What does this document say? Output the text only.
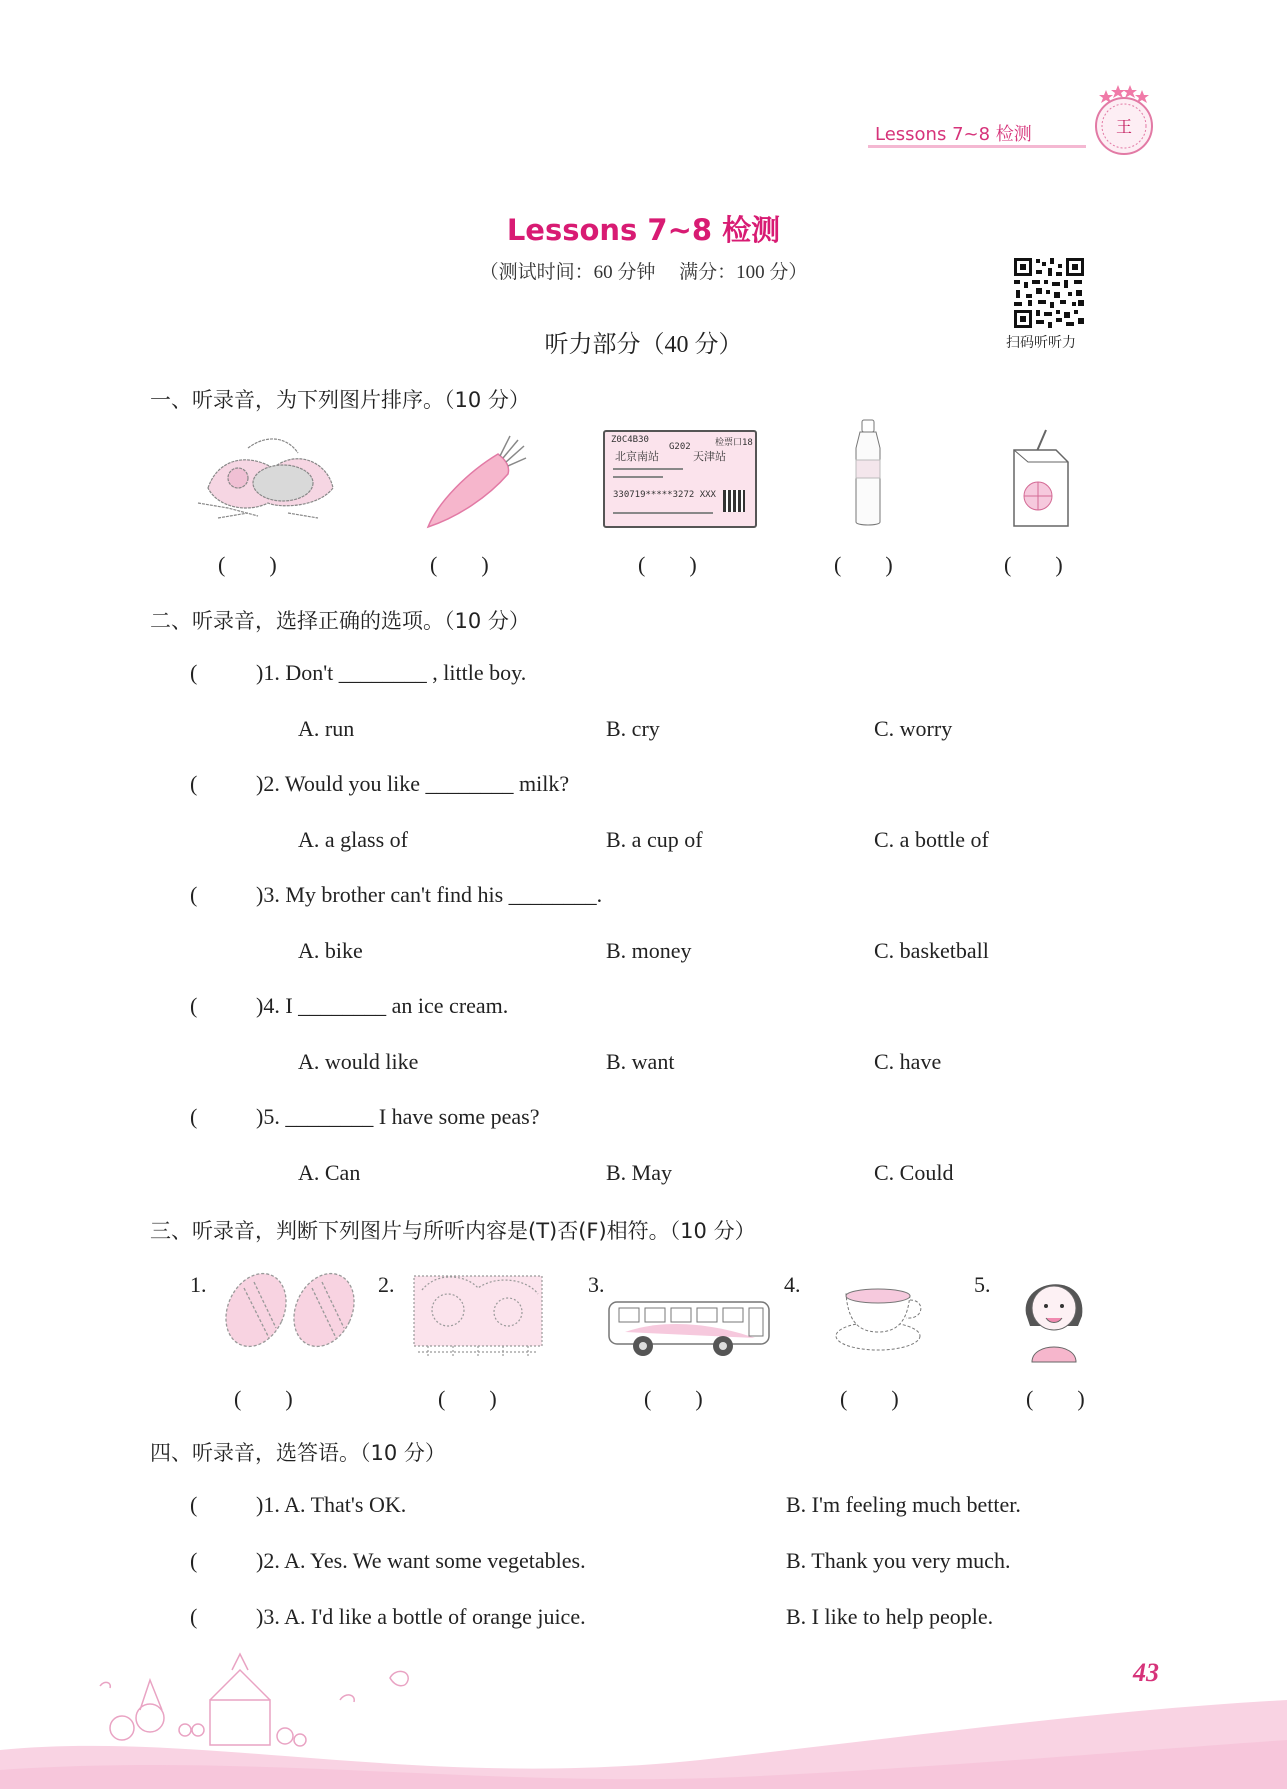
Lessons 7~8 检测	王
Lessons 7~8 检测
（测试时间：60 分钟　 满分：100 分）
听力部分（40 分）	扫码听听力
一、听录音，为下列图片排序。（10 分）
Z0C4B30
G202	检票口18
北京南站	天津站
330719*****3272 XXX
(　　)	(　　)	(　　)	(　　)	(　　)
二、听录音，选择正确的选项。（10 分）
(	)1. Don't ________ , little boy.
A. run	B. cry	C. worry
(	)2. Would you like ________ milk?
A. a glass of	B. a cup of	C. a bottle of
(	)3. My brother can't find his ________.
A. bike	B. money	C. basketball
(	)4. I ________ an ice cream.
A. would like	B. want	C. have
(	)5. ________ I have some peas?
A. Can	B. May	C. Could
三、听录音，判断下列图片与所听内容是(T)否(F)相符。（10 分）
1.	2.	3.	4.	5.
(　　)	(　　)	(　　)	(　　)	(　　)
四、听录音，选答语。（10 分）
(	)1. A. That's OK.	B. I'm feeling much better.
(	)2. A. Yes. We want some vegetables.	B. Thank you very much.
(	)3. A. I'd like a bottle of orange juice.	B. I like to help people.
43
